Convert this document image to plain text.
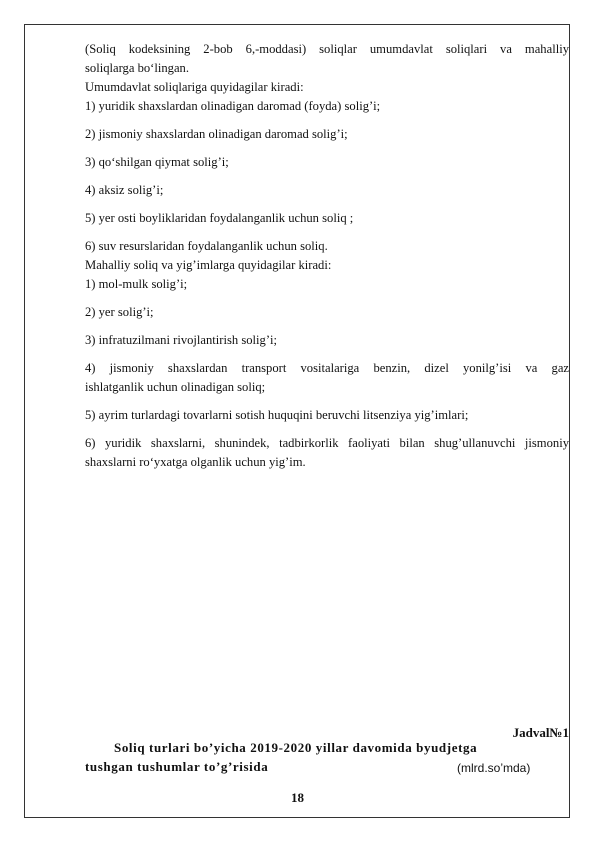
(Soliq kodeksining 2-bob 6,-moddasi) soliqlar umumdavlat soliqlari va mahalliy

soliqlarga bo‘lingan.

Umumdavlat soliqlariga quyidagilar kiradi:

1) yuridik shaxslardan olinadigan daromad (foyda) solig’i;

2) jismoniy shaxslardan olinadigan daromad solig’i;

3) qo‘shilgan qiymat solig’i;

4) aksiz solig’i;

5) yer osti boyliklaridan foydalanganlik uchun soliq ;

6) suv resurslaridan foydalanganlik uchun soliq.

Mahalliy soliq va yig’imlarga quyidagilar kiradi:

1) mol-mulk solig’i;

2) yer solig’i;

3) infratuzilmani rivojlantirish solig’i;

4) jismoniy shaxslardan transport vositalariga benzin, dizel yonilg’isi va gaz

ishlatganlik uchun olinadigan soliq;

5) ayrim turlardagi tovarlarni sotish huquqini beruvchi litsenziya yig’imlari;

6) yuridik shaxslarni, shunindek, tadbirkorlik faoliyati bilan shug’ullanuvchi jismoniy

shaxslarni ro‘yxatga olganlik uchun yig’im.

Jadval№1
Soliq turlari bo’yicha 2019-2020 yillar davomida byudjetga
tushgan tushumlar to’g’risida	(mlrd.so’mda)
18
